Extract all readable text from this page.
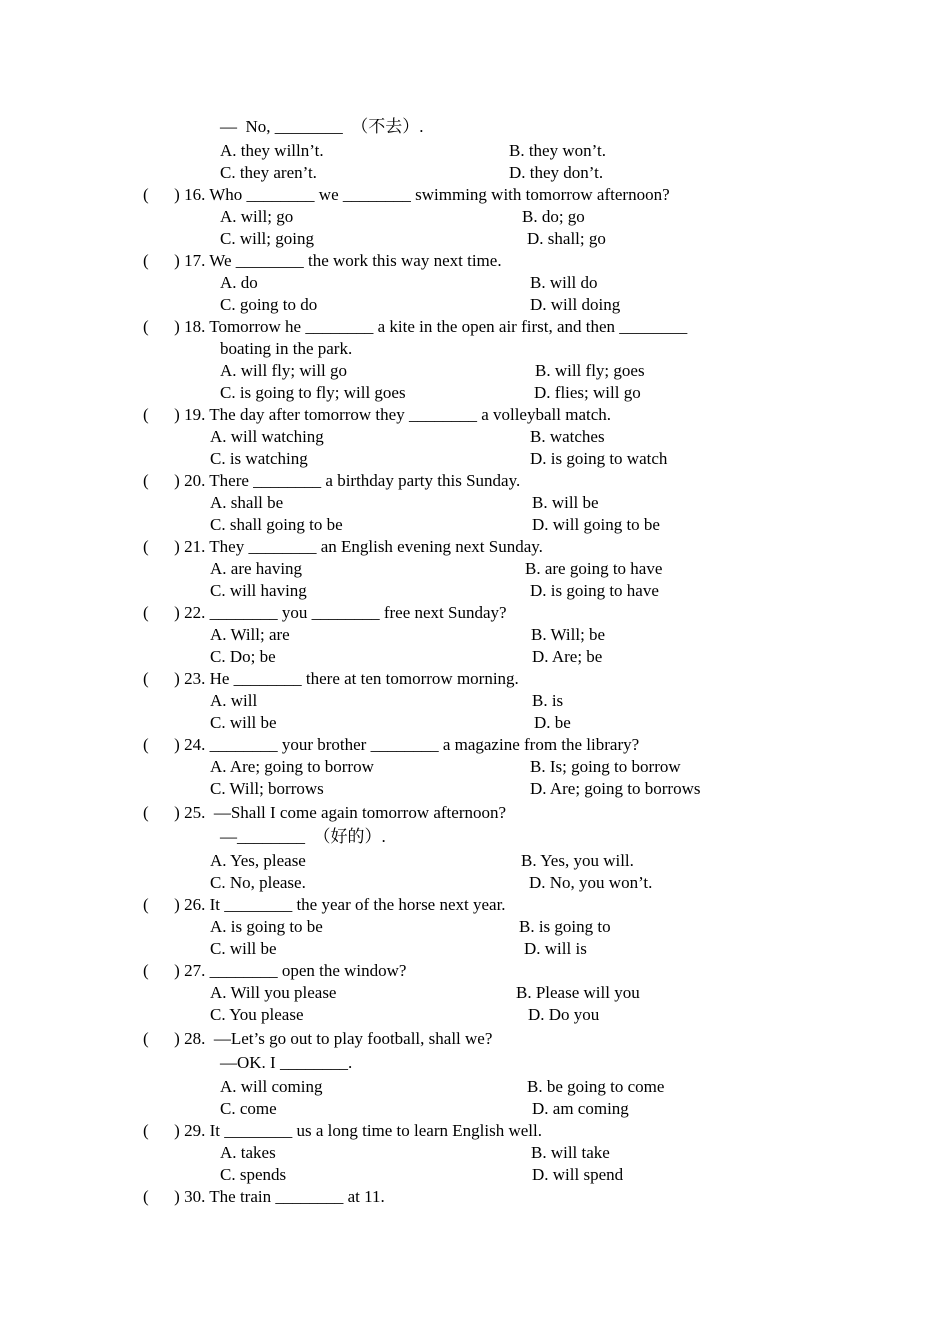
—  No, ________  （不去）.
A. they willn’t.	B. they won’t.
C. they aren’t.	D. they don’t.
(      ) 16. Who ________ we ________ swimming with tomorrow afternoon?
A. will; go	B. do; go
C. will; going	D. shall; go
(      ) 17. We ________ the work this way next time.
A. do	B. will do
C. going to do	D. will doing
(      ) 18. Tomorrow he ________ a kite in the open air first, and then ________
boating in the park.
A. will fly; will go	B. will fly; goes
C. is going to fly; will goes	D. flies; will go
(      ) 19. The day after tomorrow they ________ a volleyball match.
A. will watching	B. watches
C. is watching	D. is going to watch
(      ) 20. There ________ a birthday party this Sunday.
A. shall be	B. will be
C. shall going to be	D. will going to be
(      ) 21. They ________ an English evening next Sunday.
A. are having	B. are going to have
C. will having	D. is going to have
(      ) 22. ________ you ________ free next Sunday?
A. Will; are	B. Will; be
C. Do; be	D. Are; be
(      ) 23. He ________ there at ten tomorrow morning.
A. will	B. is
C. will be	D. be
(      ) 24. ________ your brother ________ a magazine from the library?
A. Are; going to borrow	B. Is; going to borrow
C. Will; borrows	D. Are; going to borrows
(      ) 25.  —Shall I come again tomorrow afternoon?
—________  （好的）.
A. Yes, please	B. Yes, you will.
C. No, please.	D. No, you won’t.
(      ) 26. It ________ the year of the horse next year.
A. is going to be	B. is going to
C. will be	D. will is
(      ) 27. ________ open the window?
A. Will you please	B. Please will you
C. You please	D. Do you
(      ) 28.  —Let’s go out to play football, shall we?
—OK. I ________.
A. will coming	B. be going to come
C. come	D. am coming
(      ) 29. It ________ us a long time to learn English well.
A. takes	B. will take
C. spends	D. will spend
(      ) 30. The train ________ at 11.
